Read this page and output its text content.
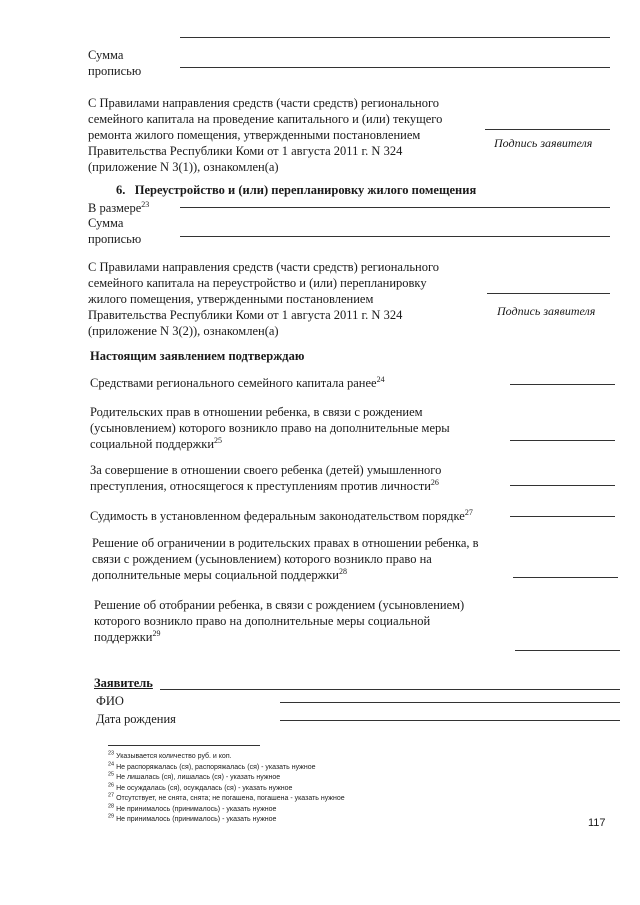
Сумма
прописью
С Правилами направления средств (части средств) регионального
семейного капитала на проведение капитального и (или) текущего
ремонта жилого помещения, утвержденными постановлением
Правительства Республики Коми от 1 августа 2011 г. N 324
(приложение N 3(1)), ознакомлен(а)
Подпись заявителя
6. Переустройство и (или) перепланировку жилого помещения
В размере$^{23}$
Сумма
прописью
С Правилами направления средств (части средств) регионального
семейного капитала на переустройство и (или) перепланировку
жилого помещения, утвержденными постановлением
Правительства Республики Коми от 1 августа 2011 г. N 324
(приложение N 3(2)), ознакомлен(а)
Подпись заявителя
Настоящим заявлением подтверждаю
Средствами регионального семейного капитала ранее$^{24}$
Родительских прав в отношении ребенка, в связи с рождением
(усыновлением) которого возникло право на дополнительные меры
социальной поддержки$^{25}$
За совершение в отношении своего ребенка (детей) умышленного
преступления, относящегося к преступлениям против личности$^{26}$
Судимость в установленном федеральным законодательством порядке$^{27}$
Решение об ограничении в родительских правах в отношении ребенка, в
связи с рождением (усыновлением) которого возникло право на
дополнительные меры социальной поддержки$^{28}$
Решение об отобрании ребенка, в связи с рождением (усыновлением)
которого возникло право на дополнительные меры социальной
поддержки$^{29}$
Заявитель
ФИО
Дата рождения
$^{23}$ Указывается количество руб. и коп.
$^{24}$ Не распоряжалась (ся), распоряжалась (ся) - указать нужное
$^{25}$ Не лишалась (ся), лишалась (ся) - указать нужное
$^{26}$ Не осуждалась (ся), осуждалась (ся) - указать нужное
$^{27}$ Отсутствует, не снята, снята; не погашена, погашена - указать нужное
$^{28}$ Не принималось (принималось) - указать нужное
$^{29}$ Не принималось (принималось) - указать нужное	117
